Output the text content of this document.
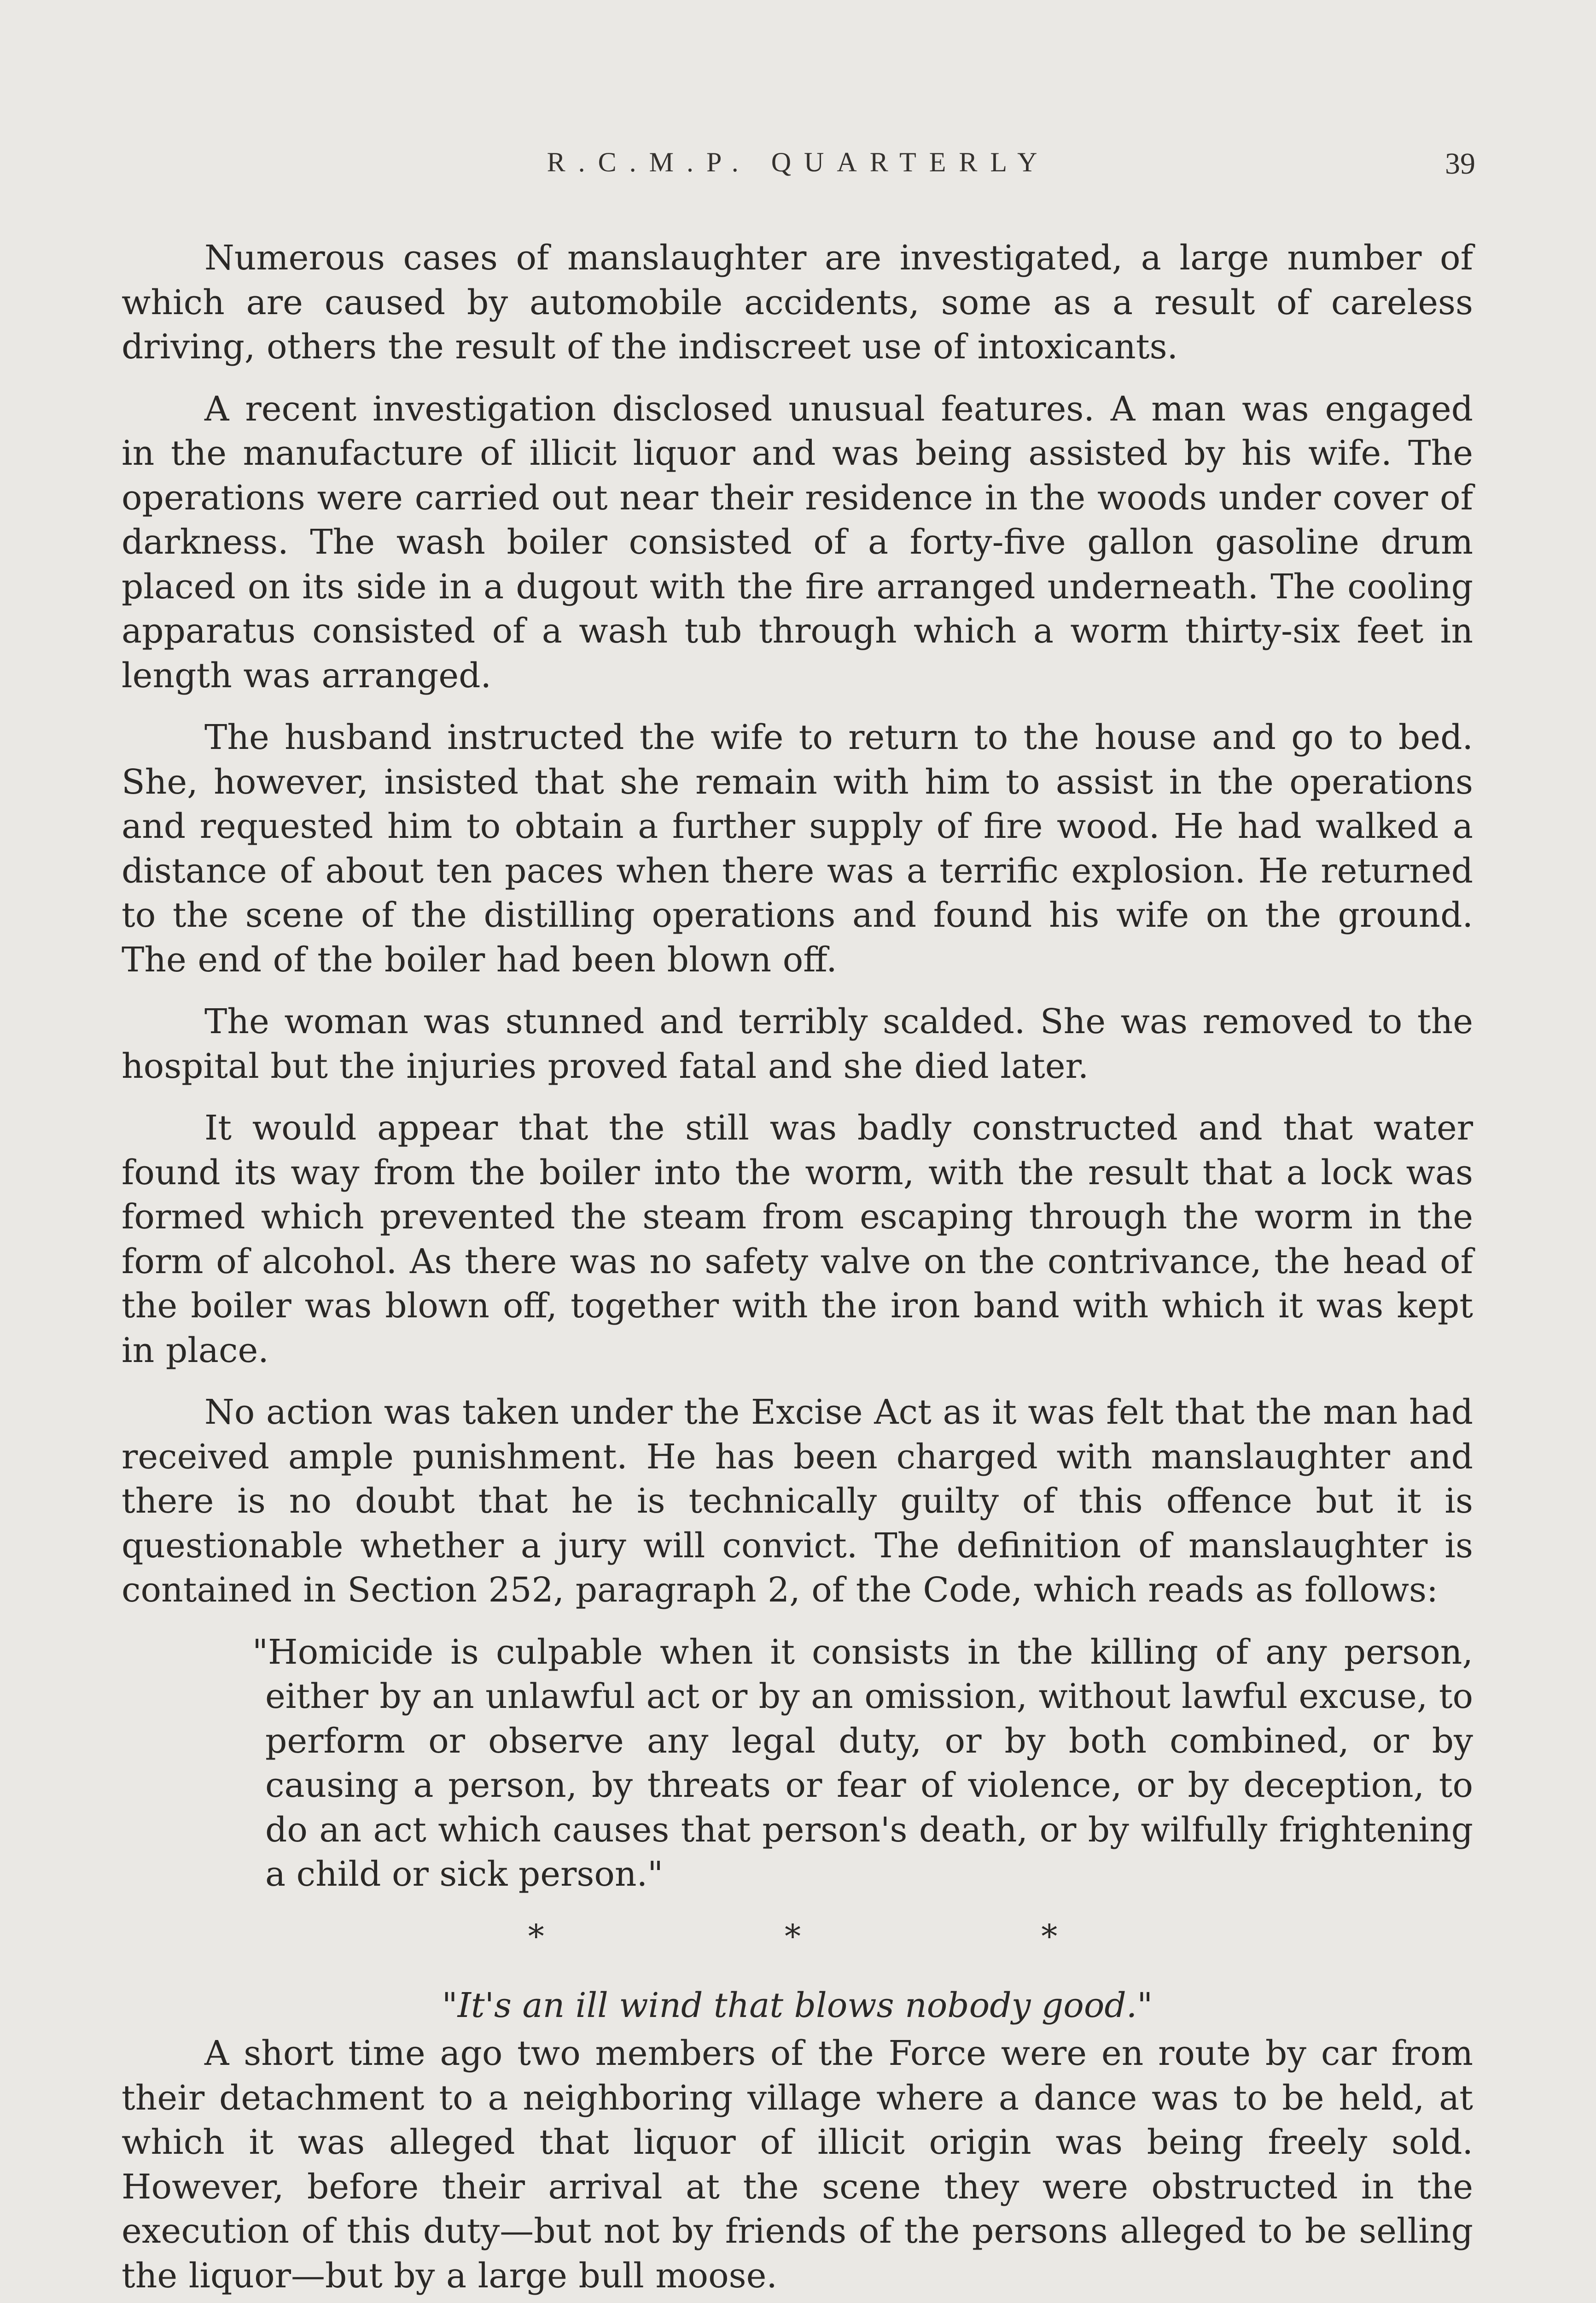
R.C.M.P. QUARTERLY	39

Numerous cases of manslaughter are investigated, a large number of which are caused by automobile accidents, some as a result of careless driving, others the result of the indiscreet use of intoxicants.

A recent investigation disclosed unusual features. A man was engaged in the manufacture of illicit liquor and was being assisted by his wife. The operations were carried out near their residence in the woods under cover of darkness. The wash boiler consisted of a forty-five gallon gasoline drum placed on its side in a dugout with the fire arranged underneath. The cooling apparatus consisted of a wash tub through which a worm thirty-six feet in length was arranged.

The husband instructed the wife to return to the house and go to bed. She, however, insisted that she remain with him to assist in the operations and requested him to obtain a further supply of fire wood. He had walked a distance of about ten paces when there was a terrific explosion. He returned to the scene of the distilling operations and found his wife on the ground. The end of the boiler had been blown off.

The woman was stunned and terribly scalded. She was removed to the hospital but the injuries proved fatal and she died later.

It would appear that the still was badly constructed and that water found its way from the boiler into the worm, with the result that a lock was formed which prevented the steam from escaping through the worm in the form of alcohol. As there was no safety valve on the contrivance, the head of the boiler was blown off, together with the iron band with which it was kept in place.

No action was taken under the Excise Act as it was felt that the man had received ample punishment. He has been charged with manslaughter and there is no doubt that he is technically guilty of this offence but it is questionable whether a jury will convict. The definition of manslaughter is contained in Section 252, paragraph 2, of the Code, which reads as follows:

"Homicide is culpable when it consists in the killing of any person, either by an unlawful act or by an omission, without lawful excuse, to perform or observe any legal duty, or by both combined, or by causing a person, by threats or fear of violence, or by deception, to do an act which causes that person's death, or by wilfully frightening a child or sick person."

* * *
"It's an ill wind that blows nobody good."

A short time ago two members of the Force were en route by car from their detachment to a neighboring village where a dance was to be held, at which it was alleged that liquor of illicit origin was being freely sold. However, before their arrival at the scene they were obstructed in the execution of this duty—but not by friends of the persons alleged to be selling the liquor—but by a large bull moose.
